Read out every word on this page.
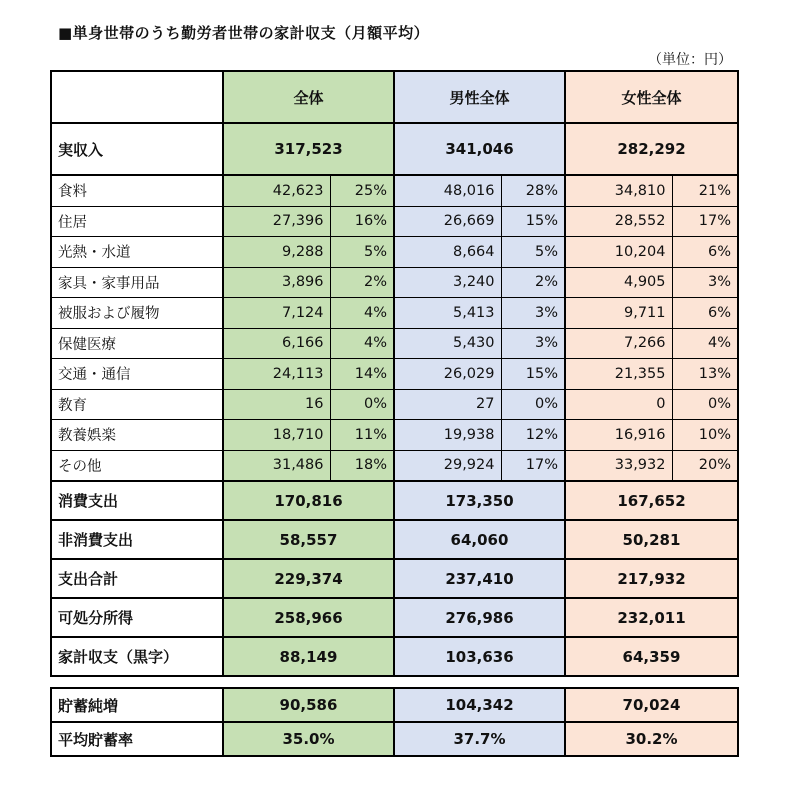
■単身世帯のうち勤労者世帯の家計収支（月額平均）
（単位：円）
	全体		男性全体		女性全体	
実収入	317,523		341,046		282,292	
食料	42,623	25%	48,016	28%	34,810	21%
住居	27,396	16%	26,669	15%	28,552	17%
光熱・水道	9,288	5%	8,664	5%	10,204	6%
家具・家事用品	3,896	2%	3,240	2%	4,905	3%
被服および履物	7,124	4%	5,413	3%	9,711	6%
保健医療	6,166	4%	5,430	3%	7,266	4%
交通・通信	24,113	14%	26,029	15%	21,355	13%
教育	16	0%	27	0%	0	0%
教養娯楽	18,710	11%	19,938	12%	16,916	10%
その他	31,486	18%	29,924	17%	33,932	20%
消費支出	170,816		173,350		167,652	
非消費支出	58,557		64,060		50,281	
支出合計	229,374		237,410		217,932	
可処分所得	258,966		276,986		232,011	
家計収支（黒字）	88,149		103,636		64,359	
貯蓄純増	90,586	104,342	70,024
平均貯蓄率	35.0%	37.7%	30.2%
